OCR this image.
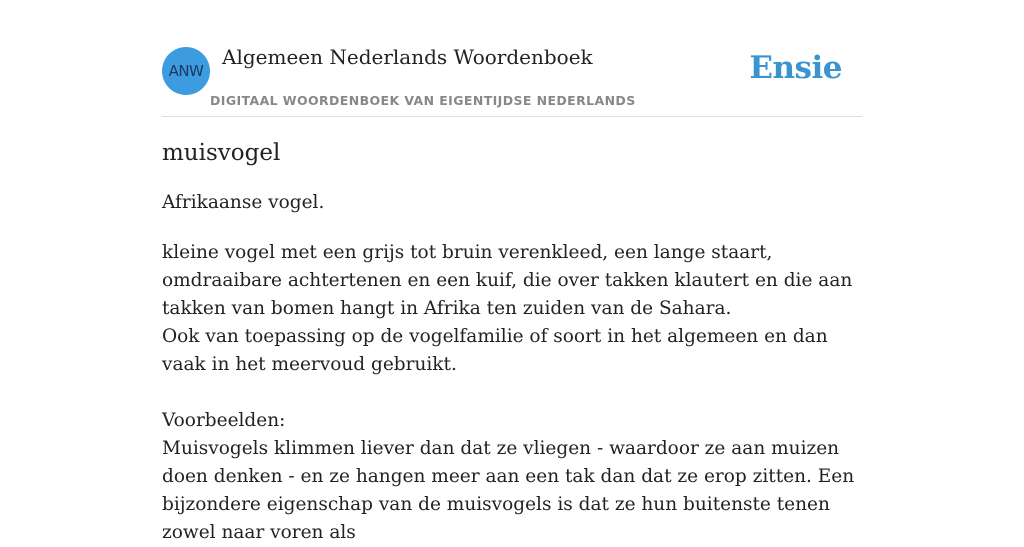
ANW
Algemeen Nederlands Woordenboek
DIGITAAL WOORDENBOEK VAN EIGENTIJDSE NEDERLANDS
Ensie
muisvogel
Afrikaanse vogel.

kleine vogel met een grijs tot bruin verenkleed, een lange staart, omdraaibare achtertenen en een kuif, die over takken klautert en die aan takken van bomen hangt in Afrika ten zuiden van de Sahara.

Ook van toepassing op de vogelfamilie of soort in het algemeen en dan vaak in het meervoud gebruikt.

Voorbeelden:

Muisvogels klimmen liever dan dat ze vliegen - waardoor ze aan muizen doen denken - en ze hangen meer aan een tak dan dat ze erop zitten. Een bijzondere eigenschap van de muisvogels is dat ze hun buitenste tenen zowel naar voren als
